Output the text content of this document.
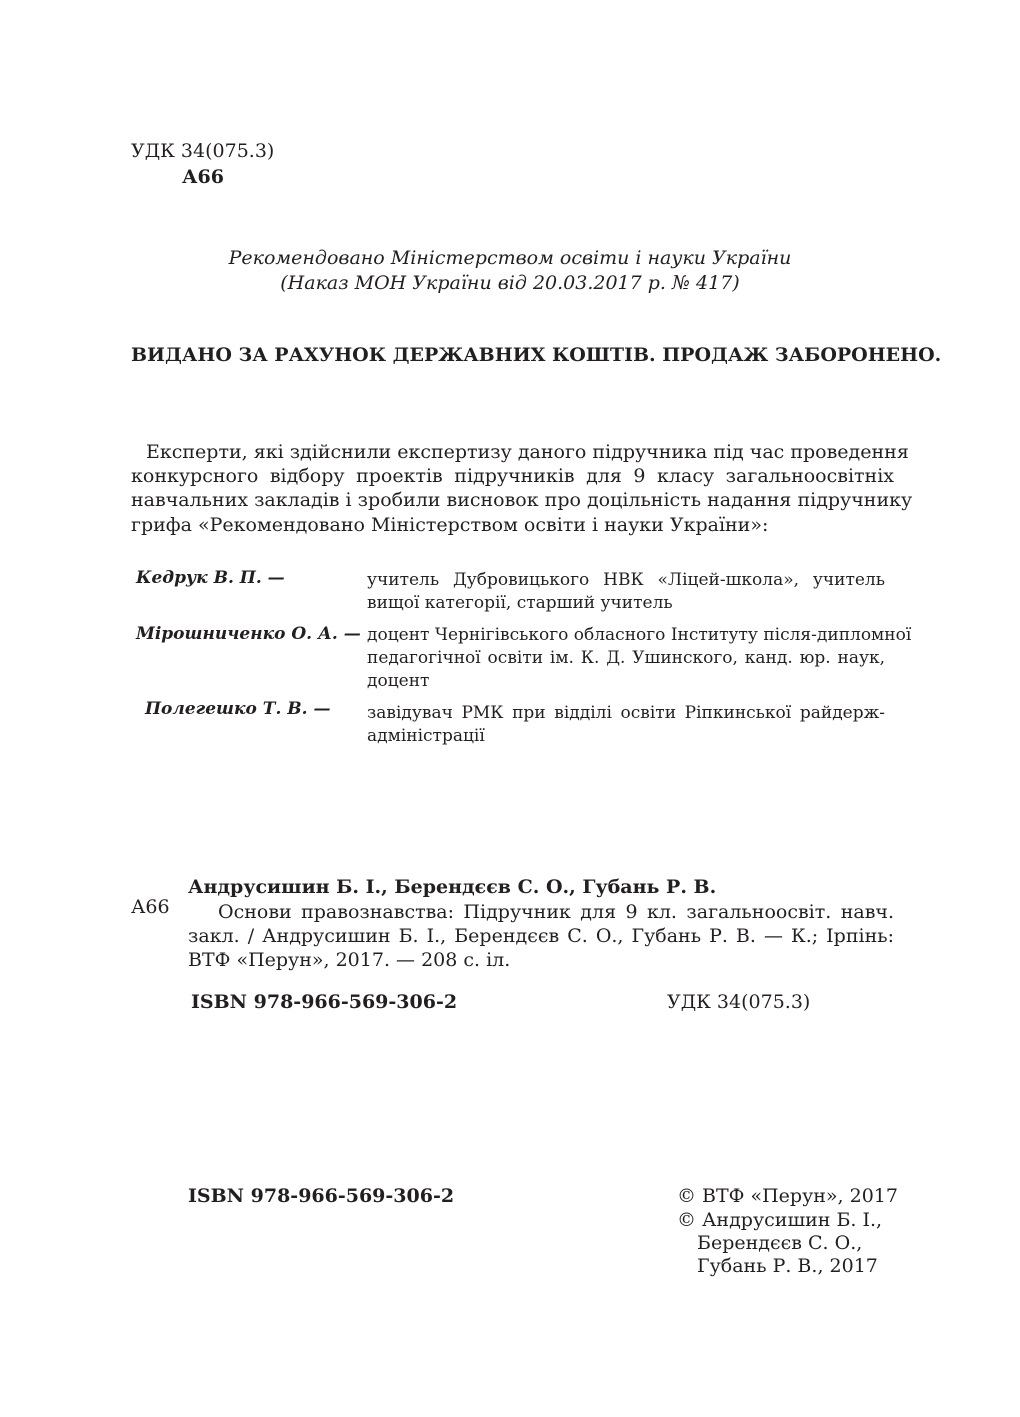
УДК 34(075.3)
А66
Рекомендовано Міністерством освіти і науки України
(Наказ МОН України від 20.03.2017 р. № 417)
ВИДАНО ЗА РАХУНОК ДЕРЖАВНИХ КОШТІВ. ПРОДАЖ ЗАБОРОНЕНО.
Експерти, які здійснили експертизу даного підручника під час проведення
конкурсного відбору проектів підручників для 9 класу загальноосвітніх
навчальних закладів і зробили висновок про доцільність надання підручнику
грифа «Рекомендовано Міністерством освіти і науки України»:
Кедрук В. П. —	учитель Дубровицького НВК «Ліцей-школа», учитель
вищої категорії, старший учитель
Мірошниченко О. А. — доцент Чернігівського обласного Інституту після-дипломної
педагогічної освіти ім. К. Д. Ушинского, канд. юр. наук,
доцент
Полегешко Т. В. — завідувач РМК при відділі освіти Ріпкинської райдерж-
адміністрації
Андрусишин Б. І., Берендєєв С. О., Губань Р. В.
А66	Основи правознавства: Підручник для 9 кл. загальноосвіт. навч.
закл. / Андрусишин Б. І., Берендєєв С. О., Губань Р. В. — К.; Ірпінь:
ВТФ «Перун», 2017. — 208 с. іл.
ISBN 978-966-569-306-2	УДК 34(075.3)
ISBN 978-966-569-306-2	© ВТФ «Перун», 2017
© Андрусишин Б. І.,
Берендєєв С. О.,
Губань Р. В., 2017
